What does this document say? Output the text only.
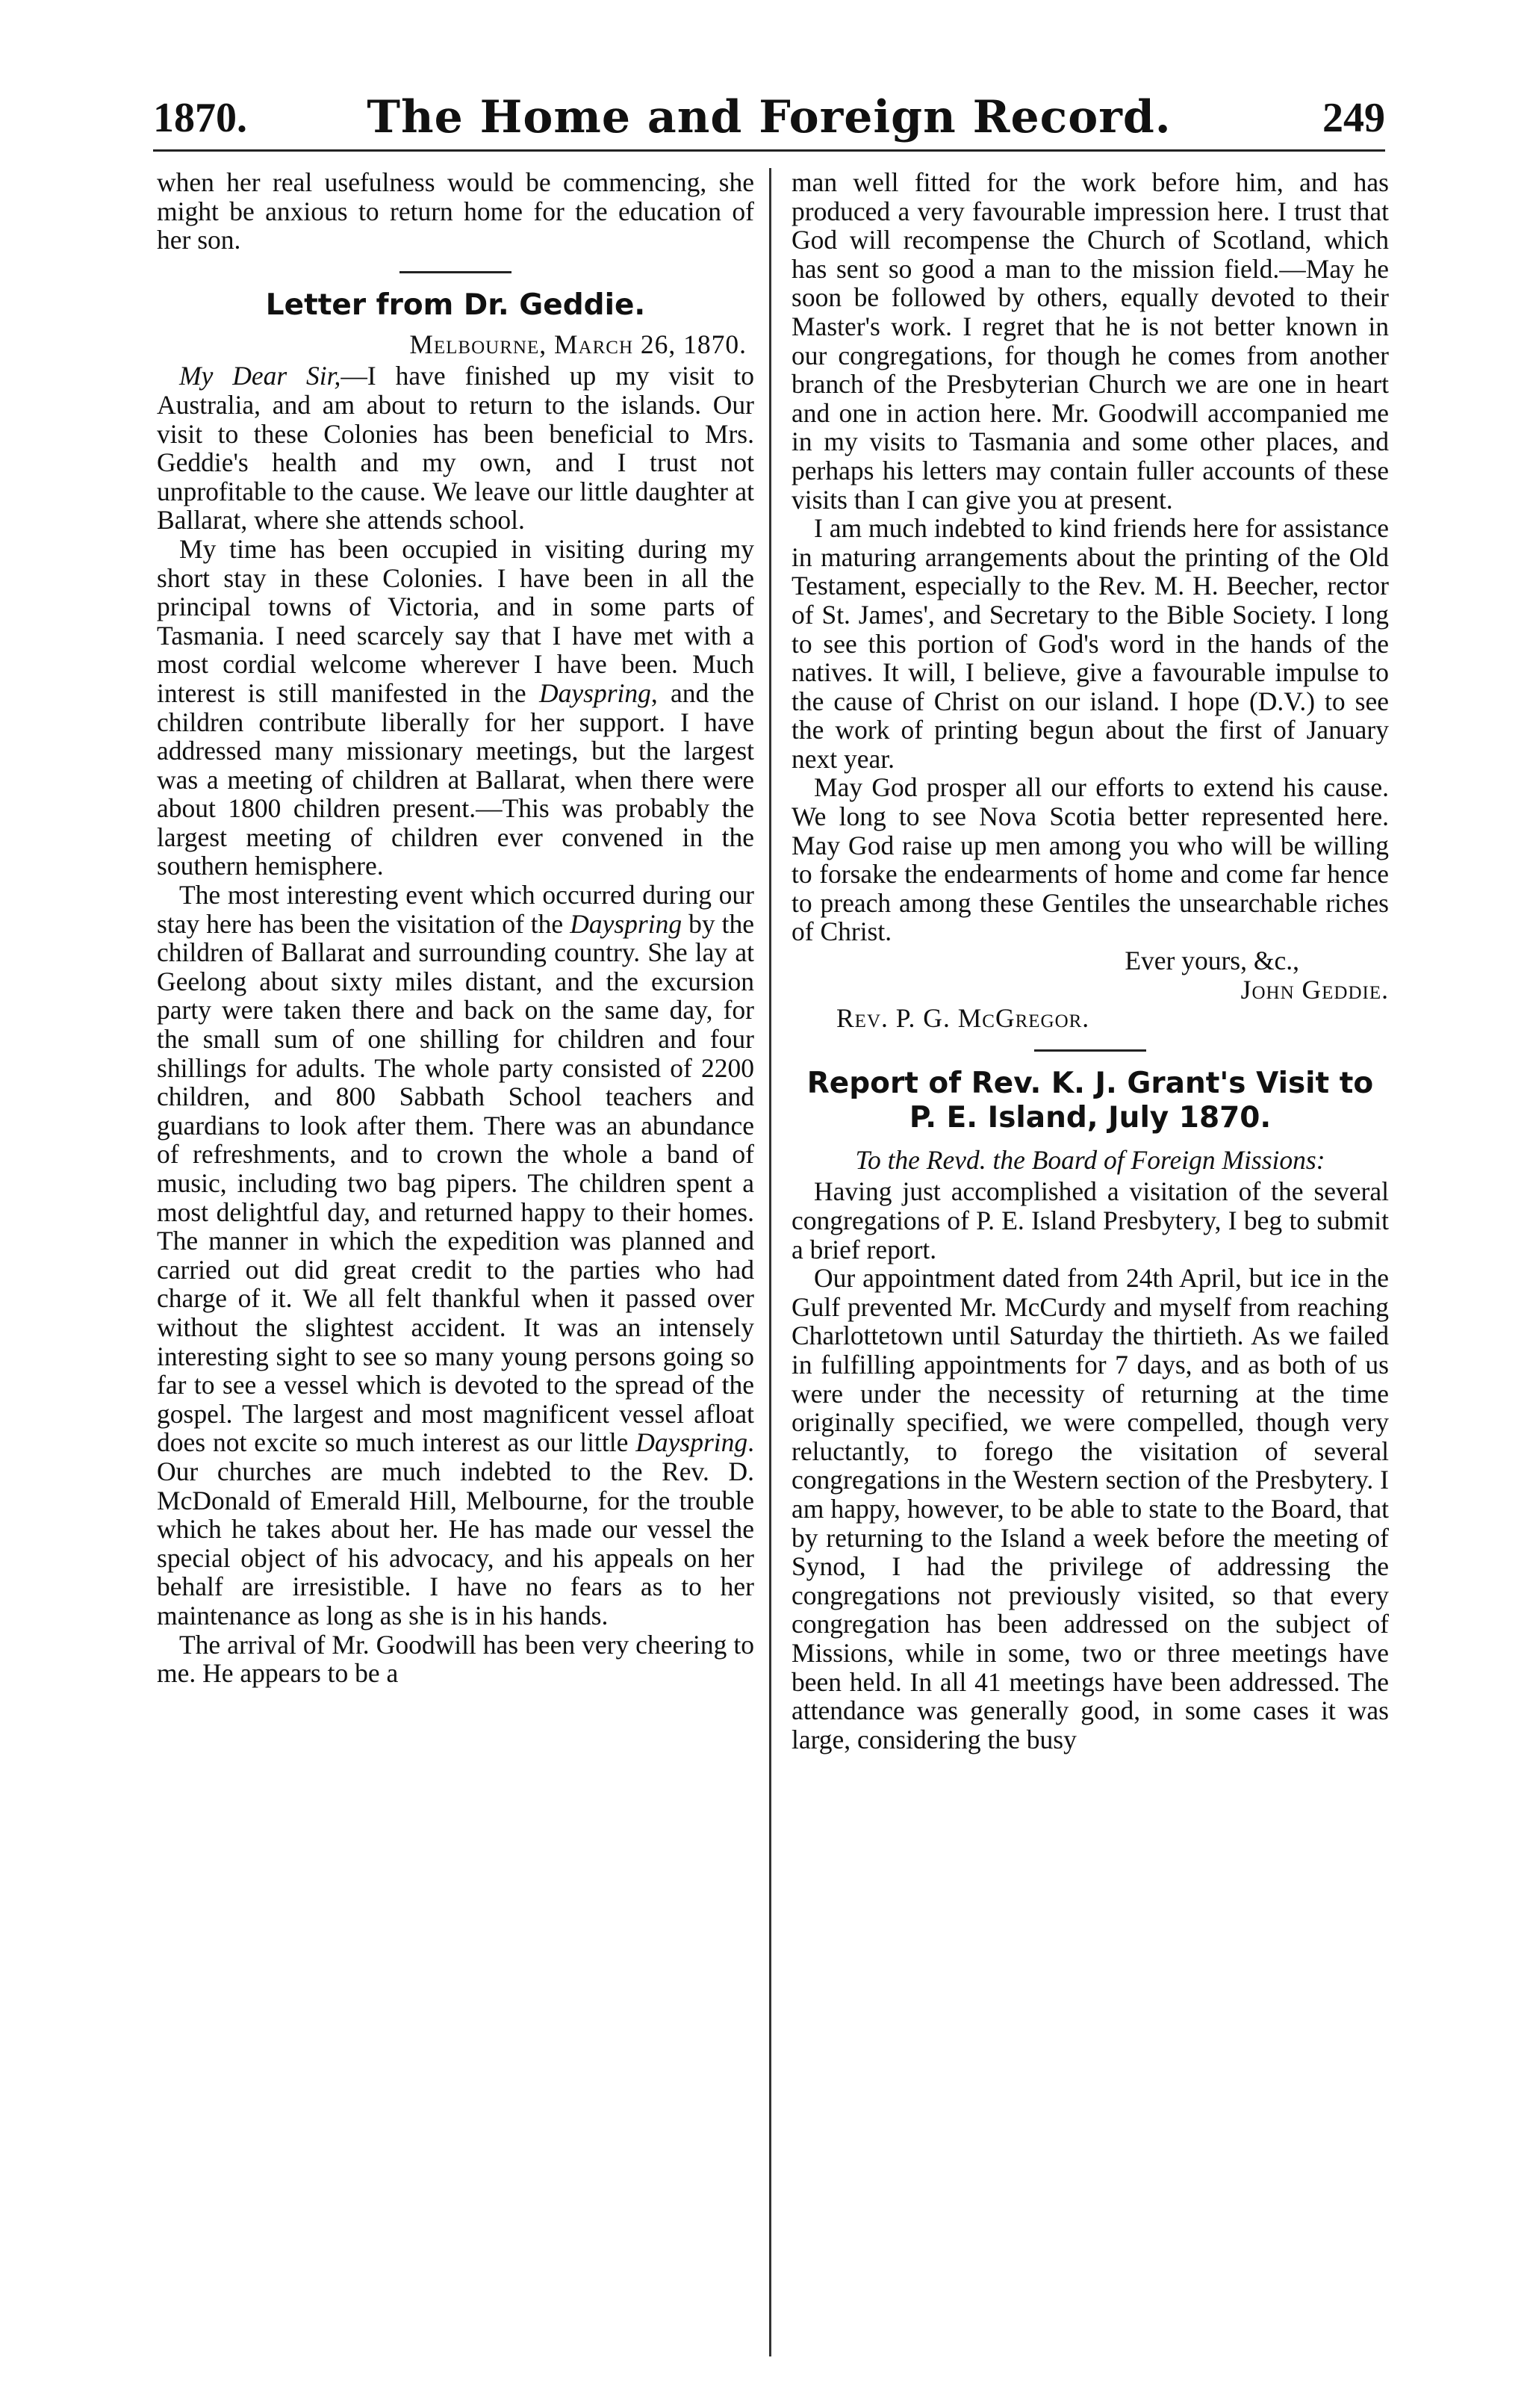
1870.	The Home and Foreign Record.	249

when her real usefulness would be commencing, she might be anxious to return home for the education of her son.

Letter from Dr. Geddie.
Melbourne, March 26, 1870.

My Dear Sir,—I have finished up my visit to Australia, and am about to return to the islands. Our visit to these Colonies has been beneficial to Mrs. Geddie's health and my own, and I trust not unprofitable to the cause. We leave our little daughter at Ballarat, where she attends school.

My time has been occupied in visiting during my short stay in these Colonies. I have been in all the principal towns of Victoria, and in some parts of Tasmania. I need scarcely say that I have met with a most cordial welcome wherever I have been. Much interest is still manifested in the Dayspring, and the children contribute liberally for her support. I have addressed many missionary meetings, but the largest was a meeting of children at Ballarat, when there were about 1800 children present.—This was probably the largest meeting of children ever convened in the southern hemisphere.

The most interesting event which occurred during our stay here has been the visitation of the Dayspring by the children of Ballarat and surrounding country. She lay at Geelong about sixty miles distant, and the excursion party were taken there and back on the same day, for the small sum of one shilling for children and four shillings for adults. The whole party consisted of 2200 children, and 800 Sabbath School teachers and guardians to look after them. There was an abundance of refreshments, and to crown the whole a band of music, including two bag pipers. The children spent a most delightful day, and returned happy to their homes. The manner in which the expedition was planned and carried out did great credit to the parties who had charge of it. We all felt thankful when it passed over without the slightest accident. It was an intensely interesting sight to see so many young persons going so far to see a vessel which is devoted to the spread of the gospel. The largest and most magnificent vessel afloat does not excite so much interest as our little Dayspring. Our churches are much indebted to the Rev. D. McDonald of Emerald Hill, Melbourne, for the trouble which he takes about her. He has made our vessel the special object of his advocacy, and his appeals on her behalf are irresistible. I have no fears as to her maintenance as long as she is in his hands.

The arrival of Mr. Goodwill has been very cheering to me. He appears to be a

man well fitted for the work before him, and has produced a very favourable impression here. I trust that God will recompense the Church of Scotland, which has sent so good a man to the mission field.—May he soon be followed by others, equally devoted to their Master's work. I regret that he is not better known in our congregations, for though he comes from another branch of the Presbyterian Church we are one in heart and one in action here. Mr. Goodwill accompanied me in my visits to Tasmania and some other places, and perhaps his letters may contain fuller accounts of these visits than I can give you at present.

I am much indebted to kind friends here for assistance in maturing arrangements about the printing of the Old Testament, especially to the Rev. M. H. Beecher, rector of St. James', and Secretary to the Bible Society. I long to see this portion of God's word in the hands of the natives. It will, I believe, give a favourable impulse to the cause of Christ on our island. I hope (D.V.) to see the work of printing begun about the first of January next year.

May God prosper all our efforts to extend his cause. We long to see Nova Scotia better represented here. May God raise up men among you who will be willing to forsake the endearments of home and come far hence to preach among these Gentiles the unsearchable riches of Christ.

Ever yours, &c.,

John Geddie.

Rev. P. G. McGregor.

Report of Rev. K. J. Grant's Visit to P. E. Island, July 1870.

To the Revd. the Board of Foreign Missions:

Having just accomplished a visitation of the several congregations of P. E. Island Presbytery, I beg to submit a brief report.

Our appointment dated from 24th April, but ice in the Gulf prevented Mr. McCurdy and myself from reaching Charlottetown until Saturday the thirtieth. As we failed in fulfilling appointments for 7 days, and as both of us were under the necessity of returning at the time originally specified, we were compelled, though very reluctantly, to forego the visitation of several congregations in the Western section of the Presbytery. I am happy, however, to be able to state to the Board, that by returning to the Island a week before the meeting of Synod, I had the privilege of addressing the congregations not previously visited, so that every congregation has been addressed on the subject of Missions, while in some, two or three meetings have been held. In all 41 meetings have been addressed. The attendance was generally good, in some cases it was large, considering the busy
